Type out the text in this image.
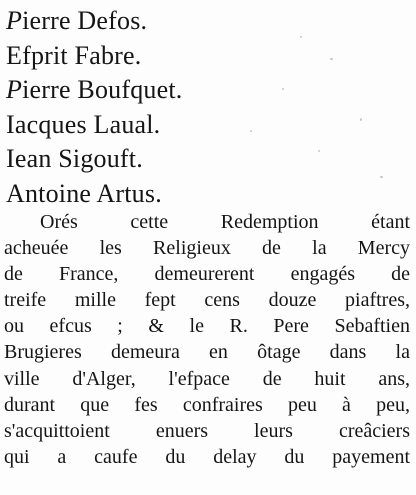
Pierre Defos.
Efprit Fabre.
Pierre Boufquet.
Iacques Laual.
Iean Sigouft.
Antoine Artus.
Orés cette Redemption étant
acheuée les Religieux de la Mercy
de France, demeurerent engagés de
treife mille fept cens douze piaftres,
ou efcus ; & le R. Pere Sebaftien
Brugieres demeura en ôtage dans la
ville d'Alger, l'efpace de huit ans,
durant que fes confraires peu à peu,
s'acquittoient enuers leurs creâciers
qui a caufe du delay du payement
